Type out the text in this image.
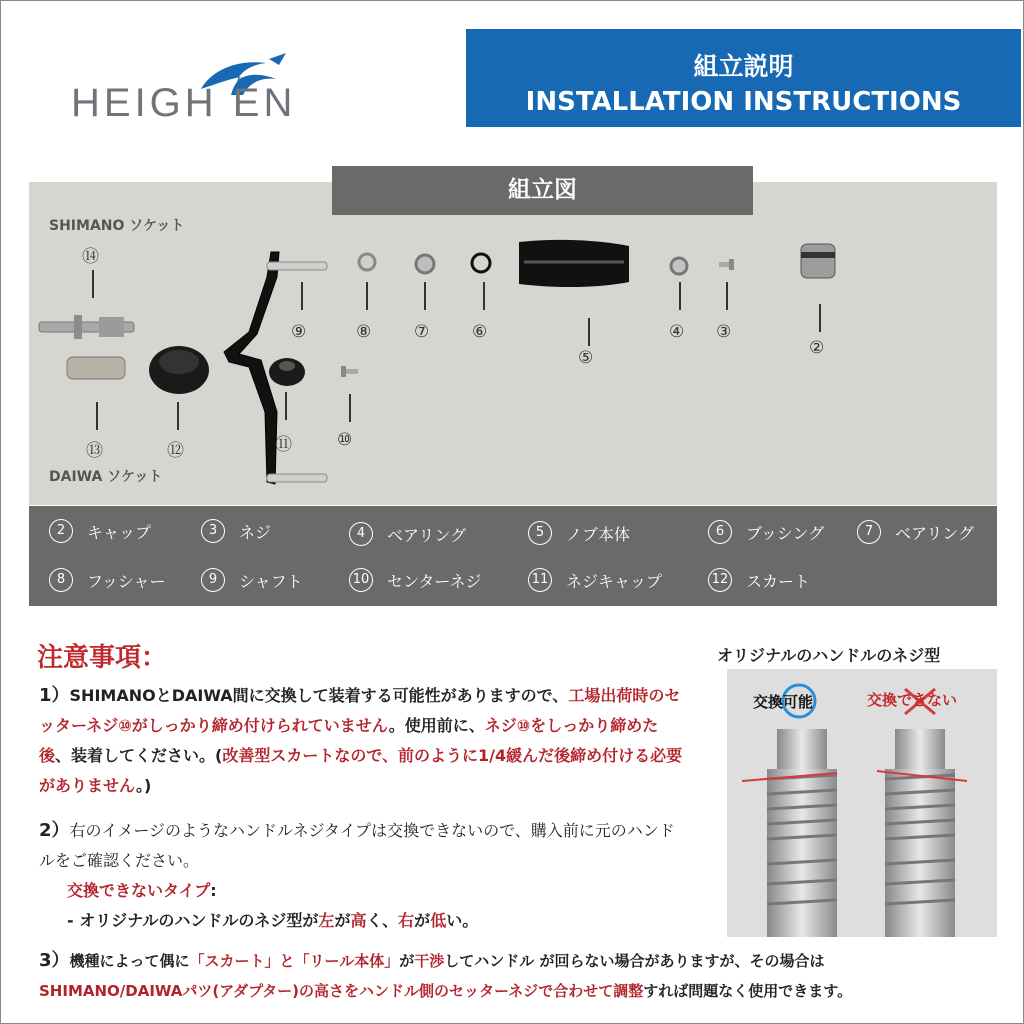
HEIGH EN
組立説明
INSTALLATION INSTRUCTIONS
SHIMANO ソケット
DAIWA ソケット
⑭
⑬	⑫	⑪	⑩
⑨	⑧	⑦	⑥
⑤
④ ③
②
組立図
2	キャップ	3	ネジ	4	ベアリング	5	ノブ本体	6	ブッシング	7	ベアリング
8	フッシャー	9	シャフト	10 センターネジ	11 ネジキャップ	12 スカート
注意事項：
1）SHIMANOとDAIWA間に交換して装着する可能性がありますので、工場出荷時のセッターネジ⑩がしっかり締め付けられていません。使用前に、ネジ⑩をしっかり締めた後、装着してください。(改善型スカートなので、前のように1/4緩んだ後締め付ける必要がありません。)
2）右のイメージのようなハンドルネジタイプは交換できないので、購入前に元のハンドルをご確認ください。
交換できないタイプ:
- オリジナルのハンドルのネジ型が左が高く、右が低い。
3）機種によって偶に「スカート」と「リール本体」が干渉してハンドル が回らない場合がありますが、その場合は
SHIMANO/DAIWAパツ(アダプター)の高さをハンドル側のセッターネジで合わせて調整すれば問題なく使用できます。
オリジナルのハンドルのネジ型
交換可能	交換できない
